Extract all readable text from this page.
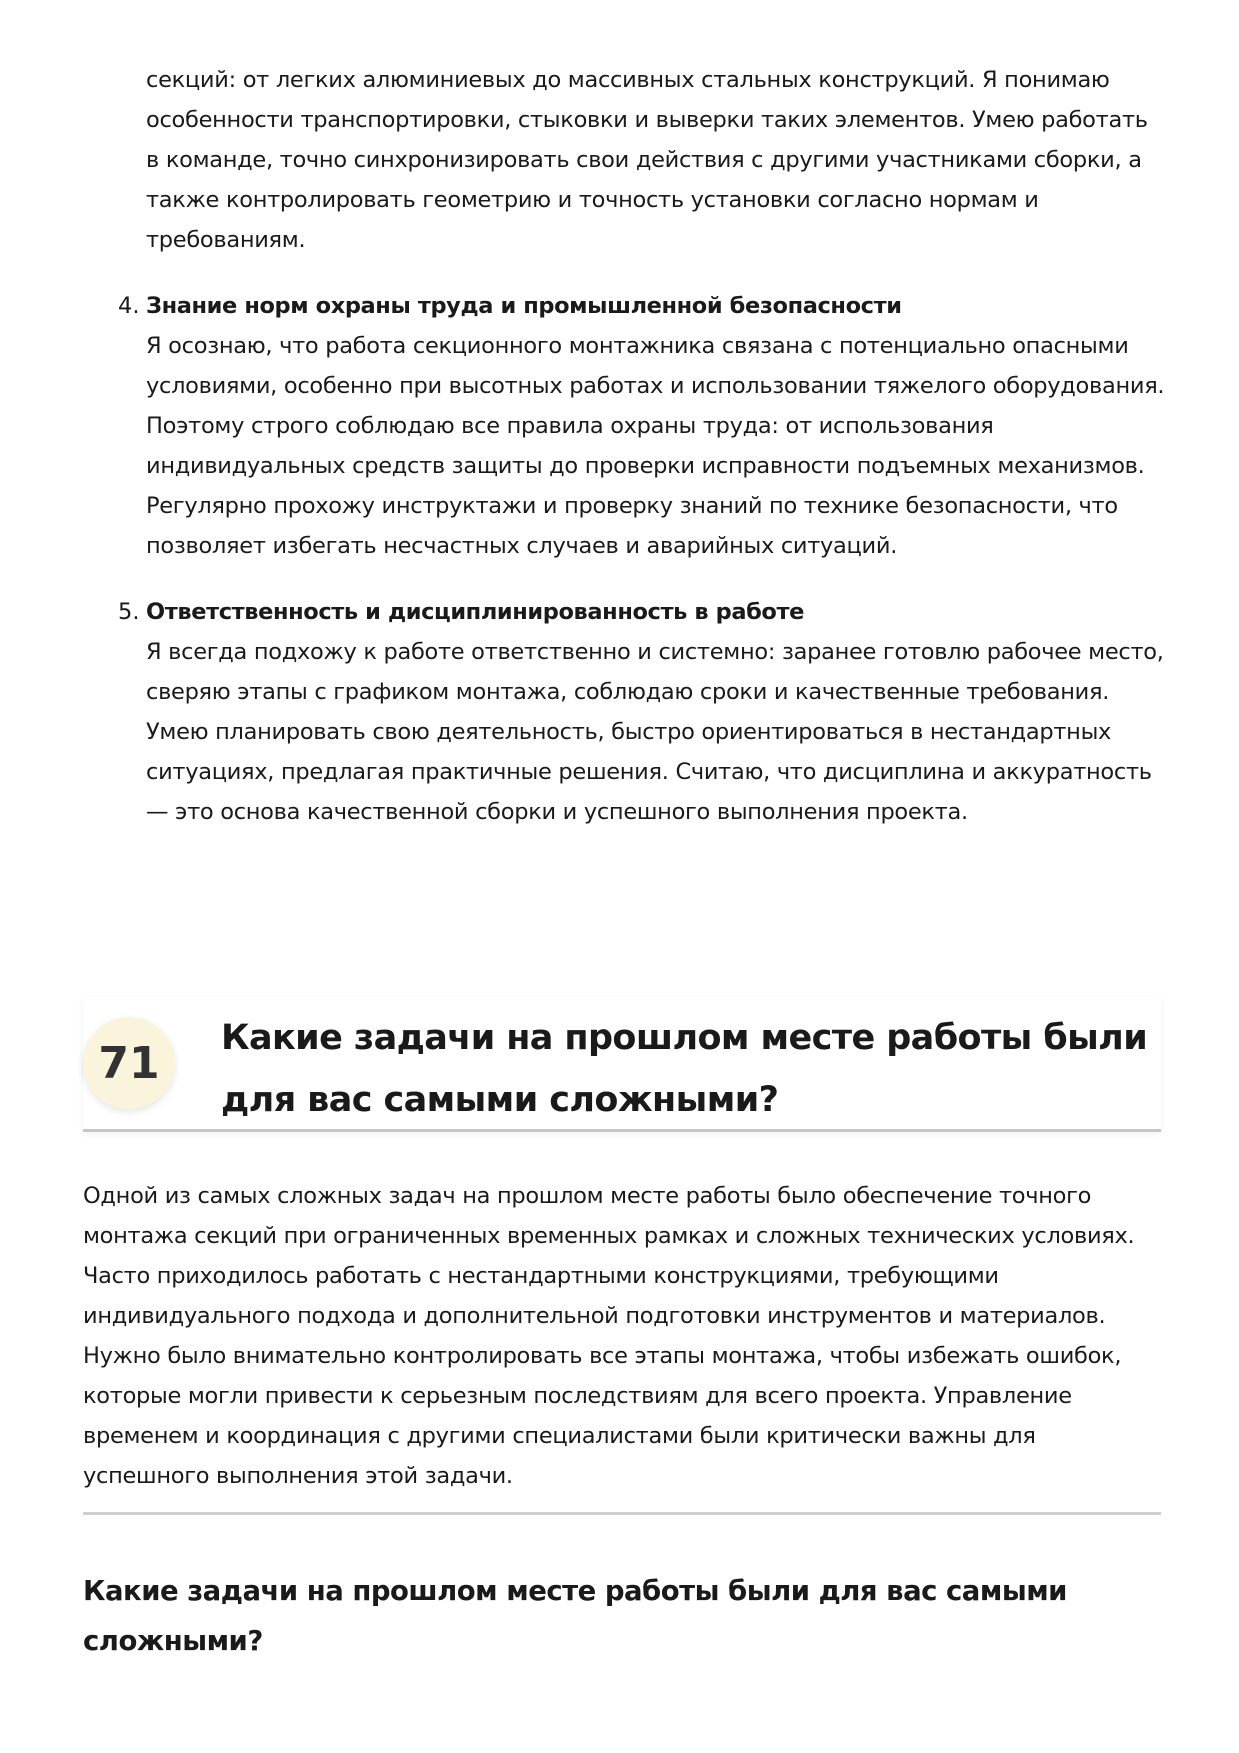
секций: от легких алюминиевых до массивных стальных конструкций. Я понимаю особенности транспортировки, стыковки и выверки таких элементов. Умею работать в команде, точно синхронизировать свои действия с другими участниками сборки, а также контролировать геометрию и точность установки согласно нормам и требованиям.

4. Знание норм охраны труда и промышленной безопасности

Я осознаю, что работа секционного монтажника связана с потенциально опасными условиями, особенно при высотных работах и использовании тяжелого оборудования. Поэтому строго соблюдаю все правила охраны труда: от использования индивидуальных средств защиты до проверки исправности подъемных механизмов. Регулярно прохожу инструктажи и проверку знаний по технике безопасности, что позволяет избегать несчастных случаев и аварийных ситуаций.

5. Ответственность и дисциплинированность в работе

Я всегда подхожу к работе ответственно и системно: заранее готовлю рабочее место, сверяю этапы с графиком монтажа, соблюдаю сроки и качественные требования. Умею планировать свою деятельность, быстро ориентироваться в нестандартных ситуациях, предлагая практичные решения. Считаю, что дисциплина и аккуратность — это основа качественной сборки и успешного выполнения проекта.

71	Какие задачи на прошлом месте работы были для вас самыми сложными?

Одной из самых сложных задач на прошлом месте работы было обеспечение точного монтажа секций при ограниченных временных рамках и сложных технических условиях. Часто приходилось работать с нестандартными конструкциями, требующими индивидуального подхода и дополнительной подготовки инструментов и материалов. Нужно было внимательно контролировать все этапы монтажа, чтобы избежать ошибок, которые могли привести к серьезным последствиям для всего проекта. Управление временем и координация с другими специалистами были критически важны для успешного выполнения этой задачи.

Какие задачи на прошлом месте работы были для вас самыми сложными?
